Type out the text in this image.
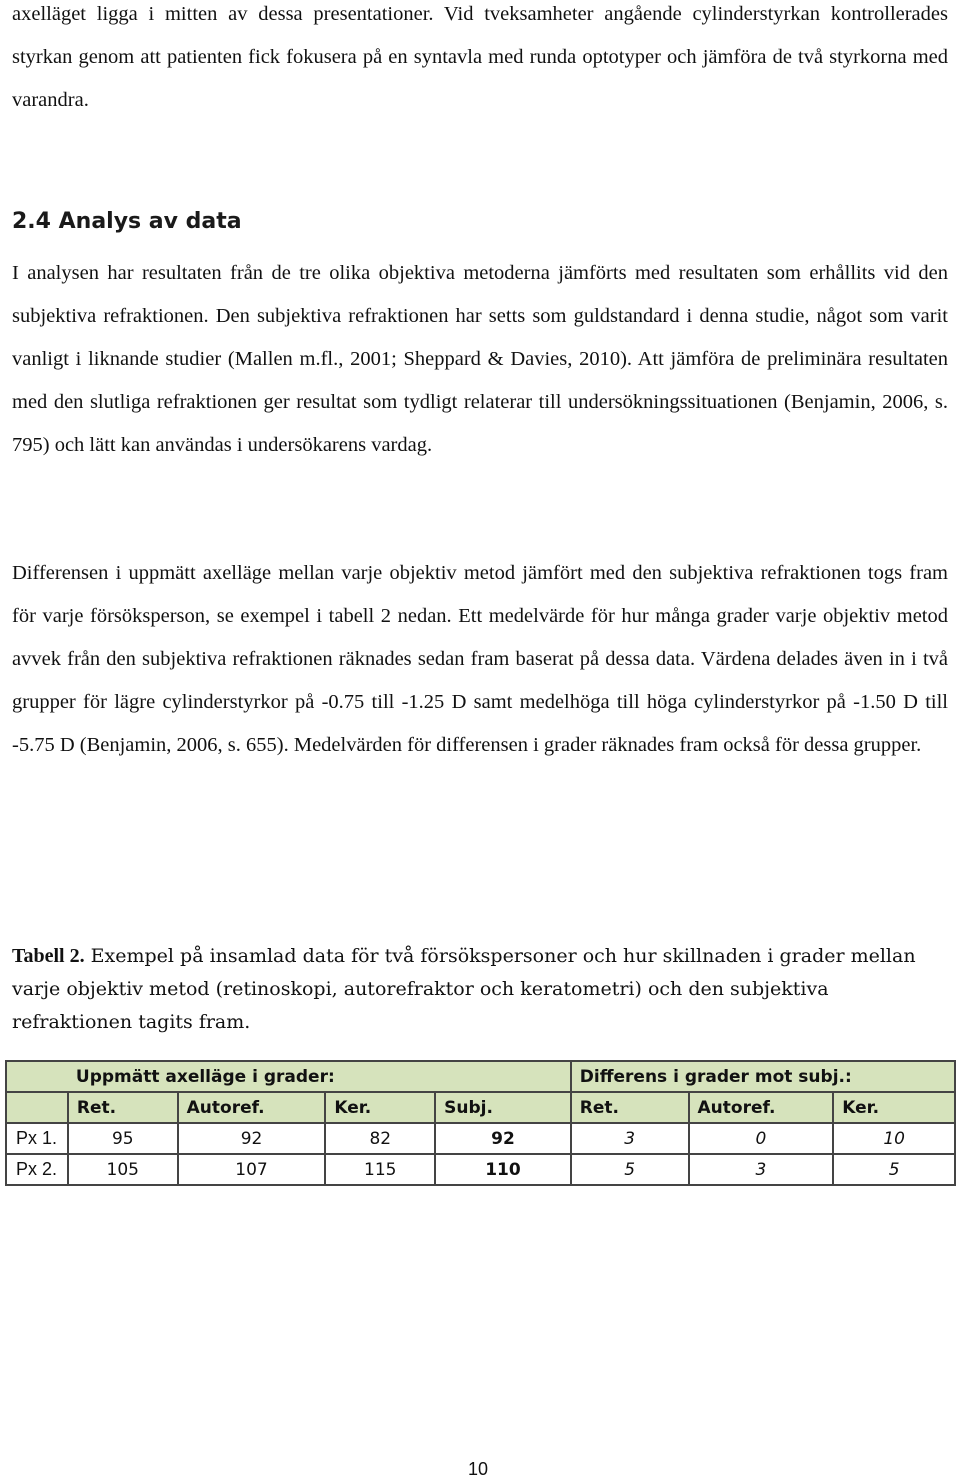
axelläget ligga i mitten av dessa presentationer. Vid tveksamheter angående cylinderstyrkan kontrollerades styrkan genom att patienten fick fokusera på en syntavla med runda optotyper och jämföra de två styrkorna med varandra.

2.4 Analys av data

I analysen har resultaten från de tre olika objektiva metoderna jämförts med resultaten som erhållits vid den subjektiva refraktionen. Den subjektiva refraktionen har setts som guldstandard i denna studie, något som varit vanligt i liknande studier (Mallen m.fl., 2001; Sheppard & Davies, 2010). Att jämföra de preliminära resultaten med den slutliga refraktionen ger resultat som tydligt relaterar till undersökningssituationen (Benjamin, 2006, s. 795) och lätt kan användas i undersökarens vardag.

Differensen i uppmätt axelläge mellan varje objektiv metod jämfört med den subjektiva refraktionen togs fram för varje försöksperson, se exempel i tabell 2 nedan. Ett medelvärde för hur många grader varje objektiv metod avvek från den subjektiva refraktionen räknades sedan fram baserat på dessa data. Värdena delades även in i två grupper för lägre cylinderstyrkor på -0.75 till -1.25 D samt medelhöga till höga cylinderstyrkor på -1.50 D till -5.75 D (Benjamin, 2006, s. 655). Medelvärden för differensen i grader räknades fram också för dessa grupper.

Tabell 2. Exempel på insamlad data för två försökspersoner och hur skillnaden i grader mellan varje objektiv metod (retinoskopi, autorefraktor och keratometri) och den subjektiva refraktionen tagits fram.

	Uppmätt axelläge i grader:				Differens i grader mot subj.:		
	Ret.	Autoref.	Ker.	Subj.	Ret.	Autoref.	Ker.
Px 1.	95	92	82	92	3	0	10
Px 2.	105	107	115	110	5	3	5
10
